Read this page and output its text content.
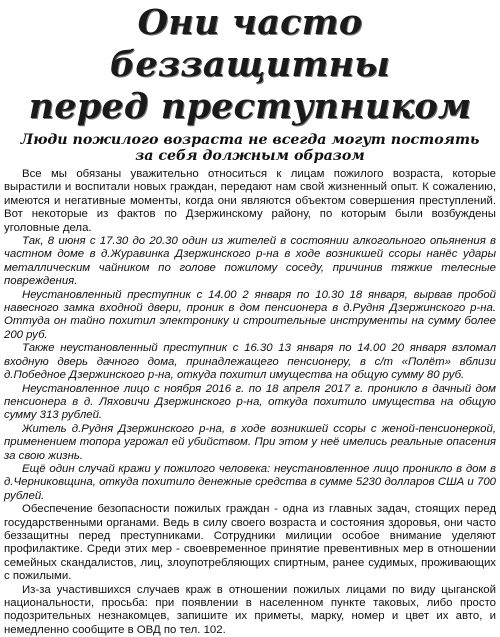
Они часто беззащитны
перед преступником
Люди пожилого возраста не всегда могут постоять
за себя должным образом

Все мы обязаны уважительно относиться к лицам пожилого возраста, которые вырастили и воспитали новых граждан, передают нам свой жизненный опыт. К сожалению, имеются и негативные моменты, когда они являются объектом совершения преступлений. Вот некоторые из фактов по Дзержинскому району, по которым были возбуждены уголовные дела.

Так, 8 июня с 17.30 до 20.30 один из жителей в состоянии алкогольного опьянения в частном доме в д.Журавинка Дзержинского р-на в ходе возникшей ссоры нанёс удары металлическим чайником по голове пожилому соседу, причинив тяжкие телесные повреждения.

Неустановленный преступник с 14.00 2 января по 10.30 18 января, вырвав пробой навесного замка входной двери, проник в дом пенсионера в д.Рудня Дзержинского р-на. Оттуда он тайно похитил электронику и строительные инструменты на сумму более 200 руб.

Также неустановленный преступник с 16.30 13 января по 14.00 20 января взломал входную дверь дачного дома, принадлежащего пенсионеру, в с/т «Полёт» вблизи д.Победное Дзержинского р-на, откуда похитил имущества на общую сумму 80 руб.

Неустановленное лицо с ноября 2016 г. по 18 апреля 2017 г. проникло в дачный дом пенсионера в д. Ляховичи Дзержинского р-на, откуда похитило имущества на общую сумму 313 рублей.

Житель д.Рудня Дзержинского р-на, в ходе возникшей ссоры с женой-пенсионеркой, применением топора угрожал ей убийством. При этом у неё имелись реальные опасения за свою жизнь.

Ещё один случай кражи у пожилого человека: неустановленное лицо проникло в дом в д.Черниковщина, откуда похитило денежные средства в сумме 5230 долларов США и 700 рублей.

Обеспечение безопасности пожилых граждан - одна из главных задач, стоящих перед государственными органами. Ведь в силу своего возраста и состояния здоровья, они часто беззащитны перед преступниками. Сотрудники милиции особое внимание уделяют профилактике. Среди этих мер - своевременное принятие превентивных мер в отношении семейных скандалистов, лиц, злоупотребляющих спиртным, ранее судимых, проживающих с пожилыми.

Из-за участившихся случаев краж в отношении пожилых лицами по виду цыганской национальности, просьба: при появлении в населенном пункте таковых, либо просто подозрительных незнакомцев, запишите их приметы, марку, номер и цвет их авто, и немедленно сообщите в ОВД по тел. 102.
